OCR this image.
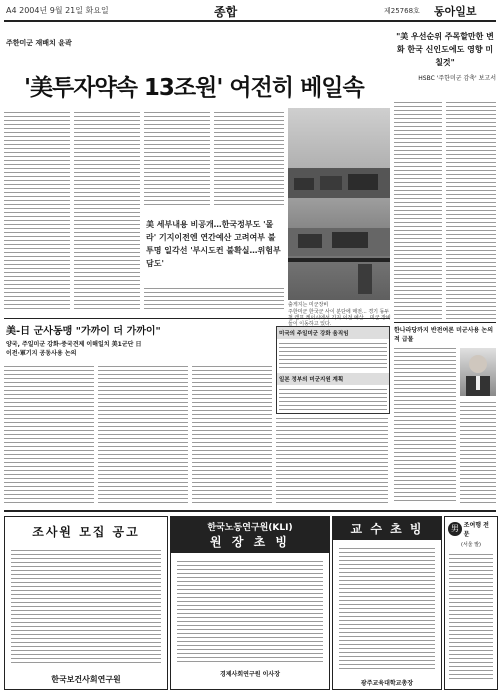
A4 2004년 9월 21일 화요일	종합	제25768호 동아일보
주한미군 재배치 윤곽
'美투자약속 13조원' 여전히 베일속
美 세부내용 비공개…한국정부도 '몰라' 기지이전엔 연간예산 고려여부 불투명 일각선 '부시도컨 불확실…위험부담도'
출게지는 미군장비
주한미군 한국군 사이 분단에 매전... 경기 동두 들이 이동하고 있다.
"美 우선순위 주목할만한 변화 한국 신인도에도 영향 미칠것"
HSBC '주한미군 감축' 보고서
美-日 군사동맹 "가까이 더 가까이"
양국, 주일미군 강화·중국견제 이해일치 美1군단 日이전·軍기지 공동사용 논의
미국의 주일미군 강화 움직임
일본 정부의 미군지원 계획
한나라당까지 반전여론 미군사용 논의적 급물
조사원 모집 공고
한국보건사회연구원
한국노동연구원(KLI)
원 장 초 빙
경제사회연구원 이사장
교 수 초 빙
광주교육대학교총장
男 조여행 전문
(서울 발)
